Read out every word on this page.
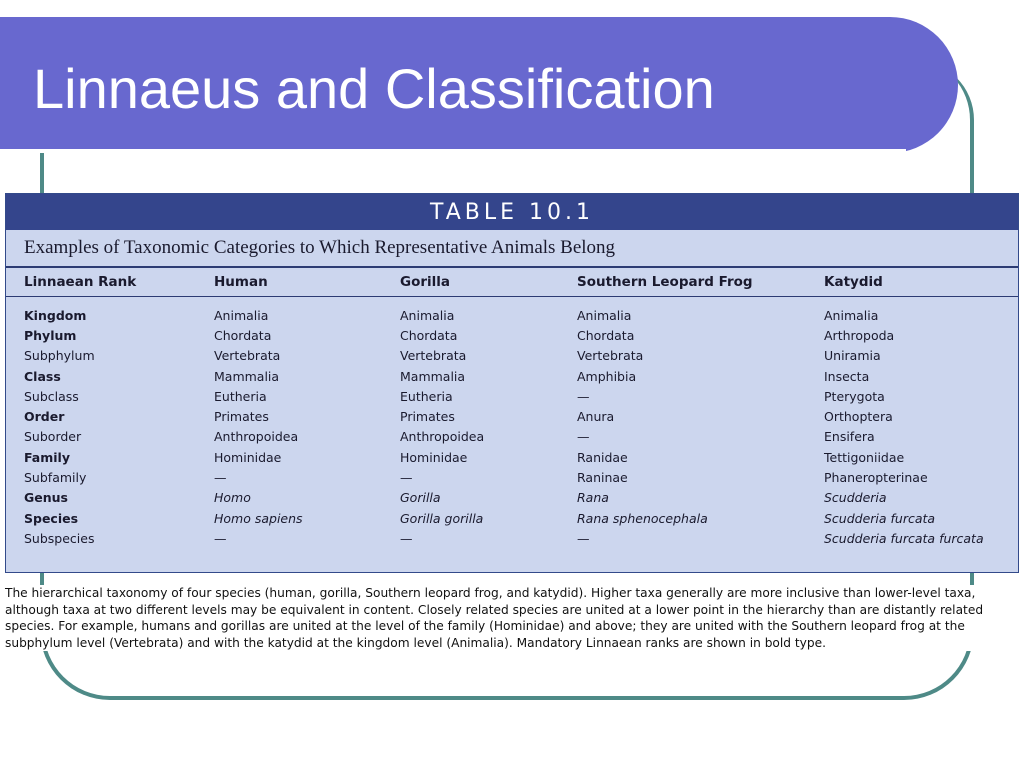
Linnaeus and Classification
TABLE 10.1
Examples of Taxonomic Categories to Which Representative Animals Belong
Linnaean Rank	Human	Gorilla	Southern Leopard Frog	Katydid
Kingdom	Animalia	Animalia	Animalia	Animalia
Phylum	Chordata	Chordata	Chordata	Arthropoda
Subphylum	Vertebrata	Vertebrata	Vertebrata	Uniramia
Class	Mammalia	Mammalia	Amphibia	Insecta
Subclass	Eutheria	Eutheria	—	Pterygota
Order	Primates	Primates	Anura	Orthoptera
Suborder	Anthropoidea	Anthropoidea	—	Ensifera
Family	Hominidae	Hominidae	Ranidae	Tettigoniidae
Subfamily	—	—	Raninae	Phaneropterinae
Genus	Homo	Gorilla	Rana	Scudderia
Species	Homo sapiens	Gorilla gorilla	Rana sphenocephala	Scudderia furcata
Subspecies	—	—	—	Scudderia furcata furcata
The hierarchical taxonomy of four species (human, gorilla, Southern leopard frog, and katydid). Higher taxa generally are more inclusive than lower-level taxa, although taxa at two different levels may be equivalent in content. Closely related species are united at a lower point in the hierarchy than are distantly related species. For example, humans and gorillas are united at the level of the family (Hominidae) and above; they are united with the Southern leopard frog at the subphylum level (Vertebrata) and with the katydid at the kingdom level (Animalia). Mandatory Linnaean ranks are shown in bold type.
